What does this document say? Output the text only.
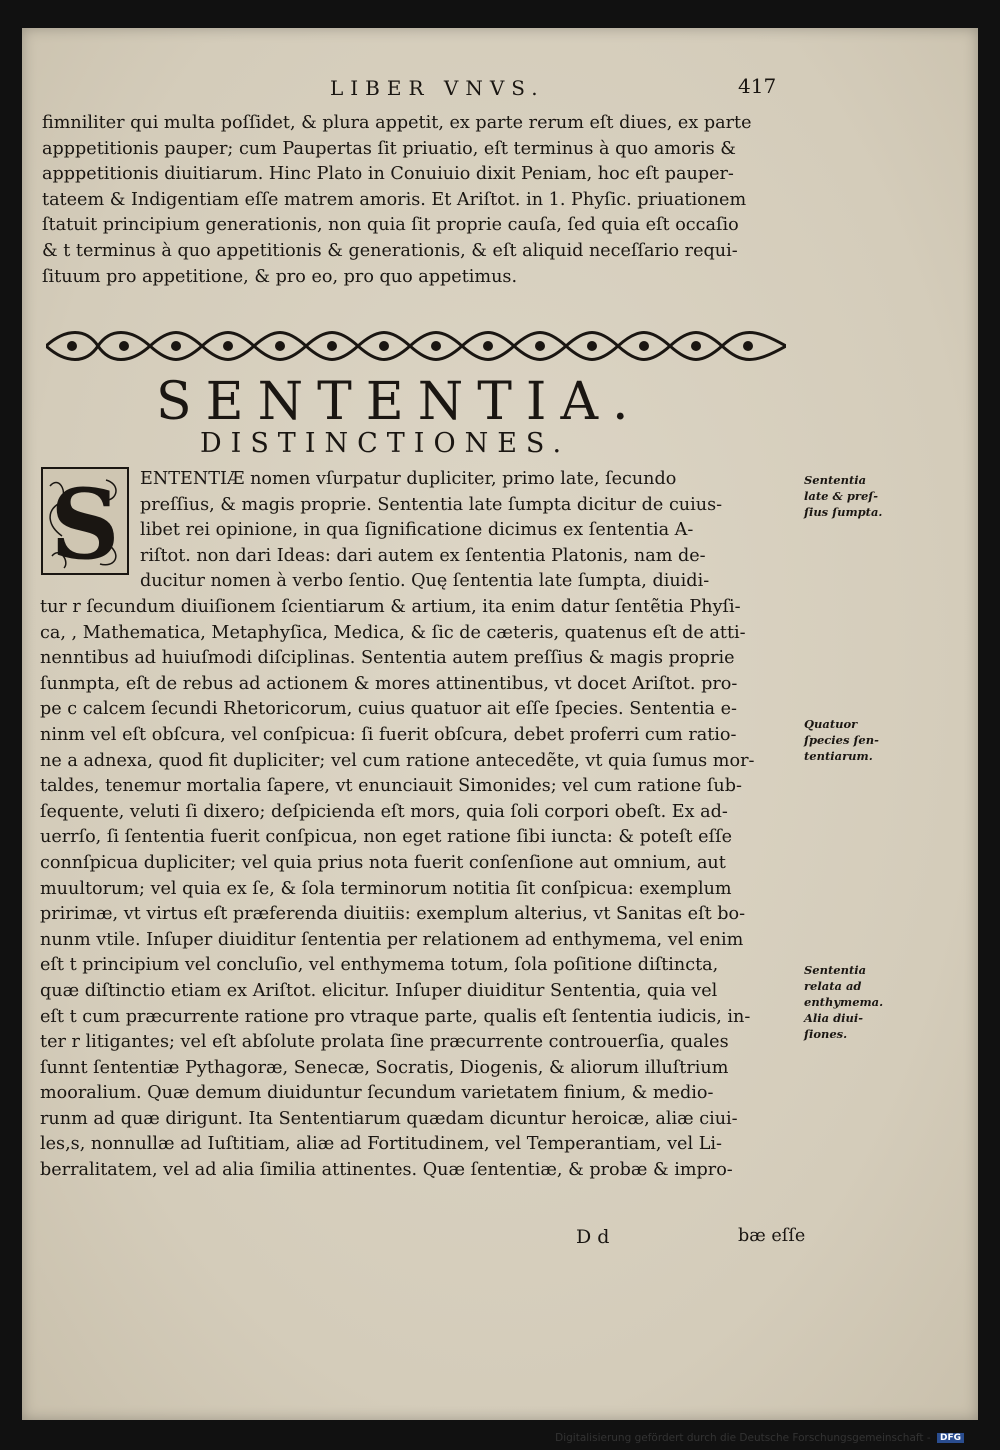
LIBER VNVS.	417
fimniliter qui multa poſſidet, & plura appetit, ex parte rerum eſt diues, ex parte
apppetitionis pauper; cum Paupertas ſit priuatio, eſt terminus à quo amoris &
apppetitionis diuitiarum. Hinc Plato in Conuiuio dixit Peniam, hoc eſt pauper-
tateem & Indigentiam eſſe matrem amoris. Et Ariſtot. in 1. Phyſic. priuationem
ſtatuit principium generationis, non quia ſit proprie cauſa, ſed quia eſt occaſio
& t terminus à quo appetitionis & generationis, & eſt aliquid neceſſario requi-
ſituum pro appetitione, & pro eo, pro quo appetimus.
SENTENTIA.
DISTINCTIONES.
S ENTENTIÆ nomen vſurpatur dupliciter, primo late, ſecundo
preſſius, & magis proprie. Sententia late ſumpta dicitur de cuius-
libet rei opinione, in qua ſignificatione dicimus ex ſententia A-
riſtot. non dari Ideas: dari autem ex ſententia Platonis, nam de-
ducitur nomen à verbo ſentio. Quę ſententia late ſumpta, diuidi-
tur r ſecundum diuiſionem ſcientiarum & artium, ita enim datur ſentẽtia Phyſi-
ca, , Mathematica, Metaphyſica, Medica, & ſic de cæteris, quatenus eſt de atti-
nenntibus ad huiuſmodi diſciplinas. Sententia autem preſſius & magis proprie
ſunmpta, eſt de rebus ad actionem & mores attinentibus, vt docet Ariſtot. pro-
pe c calcem ſecundi Rhetoricorum, cuius quatuor ait eſſe ſpecies. Sententia e-
ninm vel eſt obſcura, vel conſpicua: ſi fuerit obſcura, debet proferri cum ratio-
ne a adnexa, quod fit dupliciter; vel cum ratione antecedẽte, vt quia ſumus mor-
taldes, tenemur mortalia ſapere, vt enunciauit Simonides; vel cum ratione ſub-
ſequente, veluti ſi dixero; deſpicienda eſt mors, quia ſoli corpori obeſt. Ex ad-
uerrſo, ſi ſententia fuerit conſpicua, non eget ratione ſibi iuncta: & poteſt eſſe
connſpicua dupliciter; vel quia prius nota fuerit conſenſione aut omnium, aut
muultorum; vel quia ex ſe, & ſola terminorum notitia ſit conſpicua: exemplum
pririmæ, vt virtus eſt præferenda diuitiis: exemplum alterius, vt Sanitas eſt bo-
nunm vtile. Inſuper diuiditur ſententia per relationem ad enthymema, vel enim
eſt t principium vel concluſio, vel enthymema totum, ſola poſitione diſtincta,
quæ diſtinctio etiam ex Ariſtot. elicitur. Inſuper diuiditur Sententia, quia vel
eſt t cum præcurrente ratione pro vtraque parte, qualis eſt ſententia iudicis, in-
ter r litigantes; vel eſt abſolute prolata ſine præcurrente controuerſia, quales
ſunnt ſententiæ Pythagoræ, Senecæ, Socratis, Diogenis, & aliorum illuſtrium
mooralium. Quæ demum diuiduntur ſecundum varietatem finium, & medio-
runm ad quæ dirigunt. Ita Sententiarum quædam dicuntur heroicæ, aliæ ciui-
les,s, nonnullæ ad Iuſtitiam, aliæ ad Fortitudinem, vel Temperantiam, vel Li-
berralitatem, vel ad alia ſimilia attinentes. Quæ ſententiæ, & probæ & impro-
Sententia
late & preſ-
ſius ſumpta.
Quatuor
ſpecies ſen-
tentiarum.
Sententia
relata ad
enthymema.
Alia diui-
ſiones.
D d	bæ eſſe
Digitalisierung gefördert durch die Deutsche Forschungsgemeinschaft - DFG
